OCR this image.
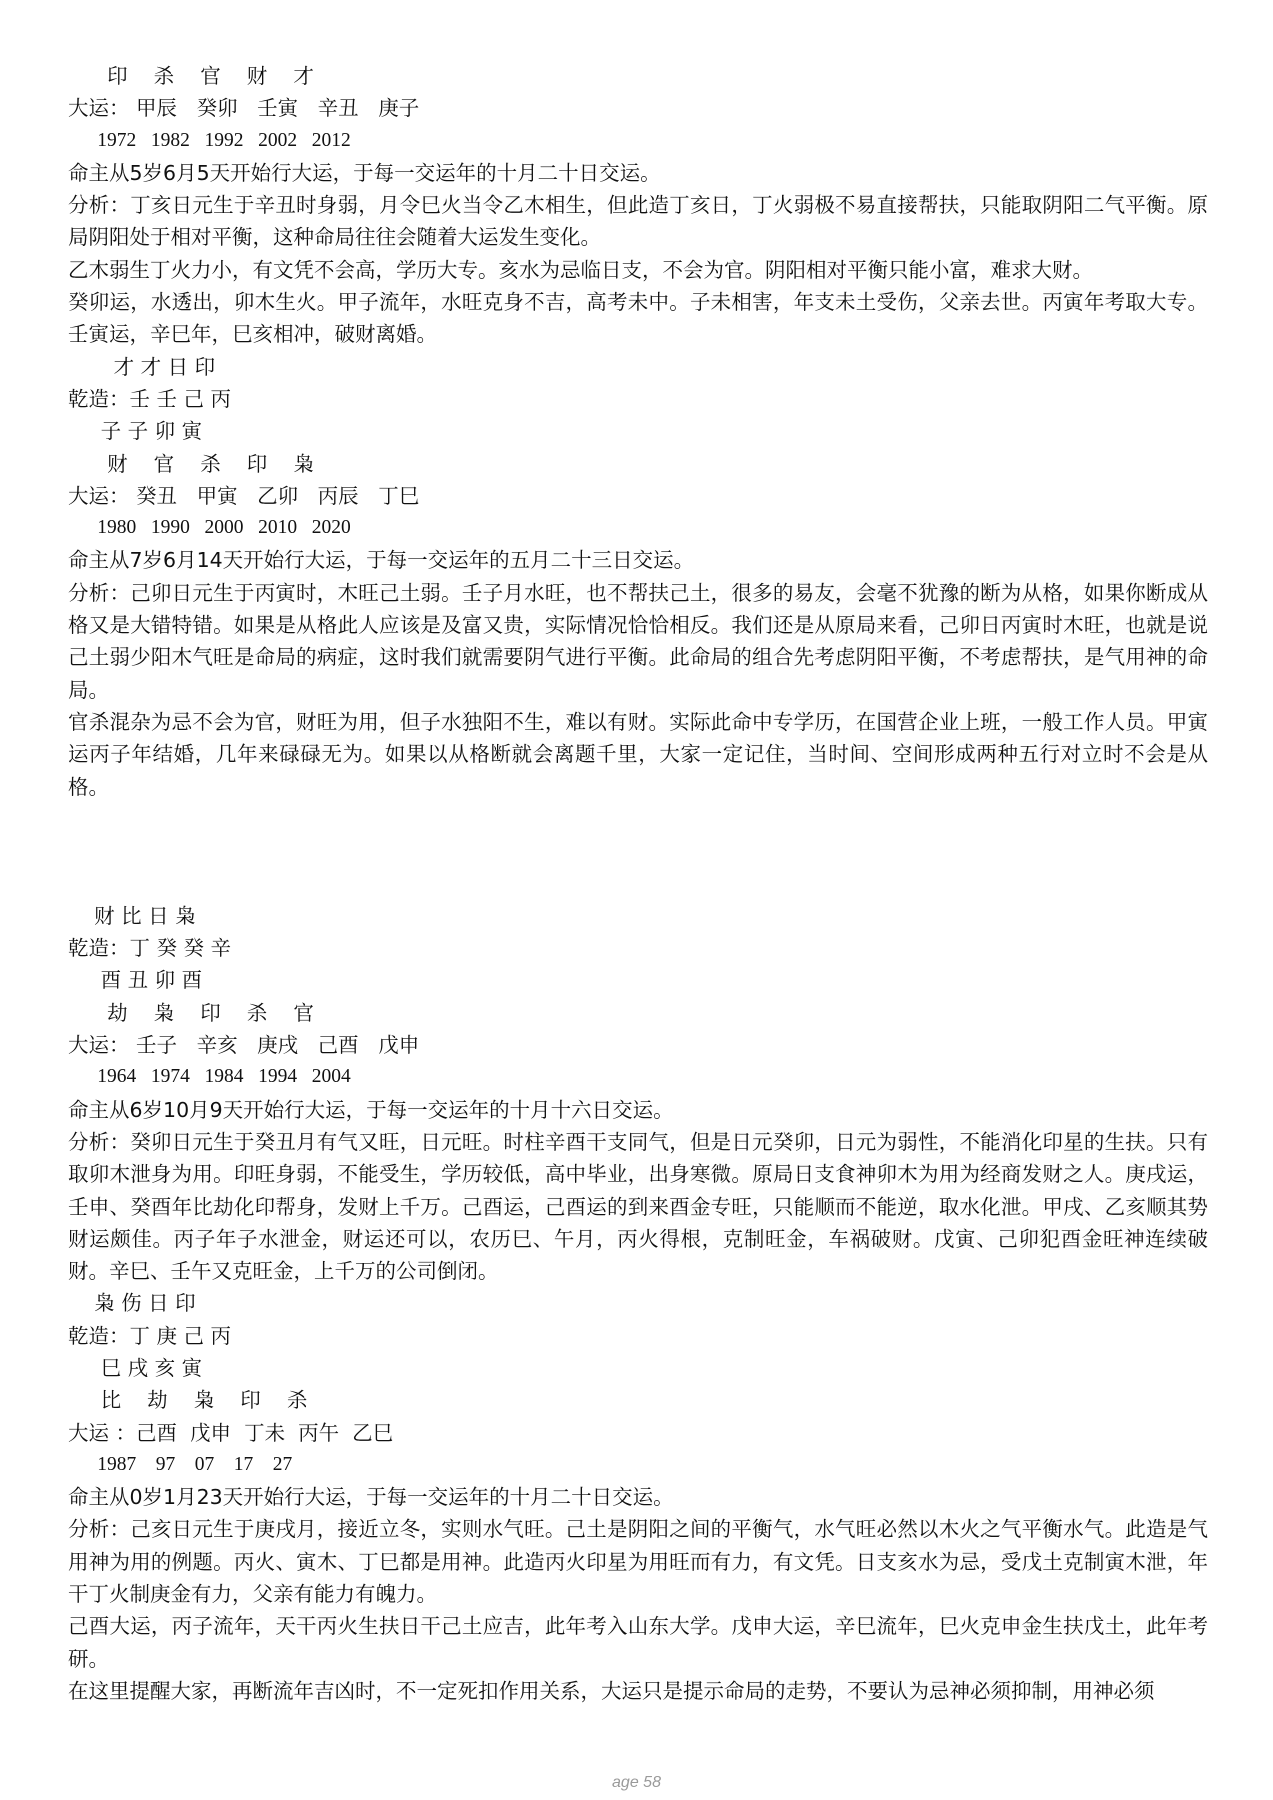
印    杀    官    财    才
大运： 甲辰   癸卯   壬寅   辛丑   庚子
1972   1982   1992   2002   2012
命主从5岁6月5天开始行大运，于每一交运年的十月二十日交运。
分析：丁亥日元生于辛丑时身弱，月令巳火当令乙木相生，但此造丁亥日，丁火弱极不易直接帮扶，只能取阴阳二气平衡。原局阴阳处于相对平衡，这种命局往往会随着大运发生变化。
乙木弱生丁火力小，有文凭不会高，学历大专。亥水为忌临日支，不会为官。阴阳相对平衡只能小富，难求大财。
癸卯运，水透出，卯木生火。甲子流年，水旺克身不吉，高考未中。子未相害，年支未土受伤，父亲去世。丙寅年考取大专。壬寅运，辛巳年，巳亥相冲，破财离婚。
才 才 日 印
乾造：壬 壬 己 丙
子 子 卯 寅
财    官    杀    印    枭
大运： 癸丑   甲寅   乙卯   丙辰   丁巳
1980   1990   2000   2010   2020
命主从7岁6月14天开始行大运，于每一交运年的五月二十三日交运。
分析：己卯日元生于丙寅时，木旺己土弱。壬子月水旺，也不帮扶己土，很多的易友，会毫不犹豫的断为从格，如果你断成从格又是大错特错。如果是从格此人应该是及富又贵，实际情况恰恰相反。我们还是从原局来看，己卯日丙寅时木旺，也就是说己土弱少阳木气旺是命局的病症，这时我们就需要阴气进行平衡。此命局的组合先考虑阴阳平衡，不考虑帮扶，是气用神的命局。
官杀混杂为忌不会为官，财旺为用，但子水独阳不生，难以有财。实际此命中专学历，在国营企业上班，一般工作人员。甲寅运丙子年结婚，几年来碌碌无为。如果以从格断就会离题千里，大家一定记住，当时间、空间形成两种五行对立时不会是从格。
财 比 日 枭
乾造：丁 癸 癸 辛
酉 丑 卯 酉
劫    枭    印    杀    官
大运： 壬子   辛亥   庚戌   己酉   戊申
1964   1974   1984   1994   2004
命主从6岁10月9天开始行大运，于每一交运年的十月十六日交运。
分析：癸卯日元生于癸丑月有气又旺，日元旺。时柱辛酉干支同气，但是日元癸卯，日元为弱性，不能消化印星的生扶。只有取卯木泄身为用。印旺身弱，不能受生，学历较低，高中毕业，出身寒微。原局日支食神卯木为用为经商发财之人。庚戌运，壬申、癸酉年比劫化印帮身，发财上千万。己酉运，己酉运的到来酉金专旺，只能顺而不能逆，取水化泄。甲戌、乙亥顺其势财运颇佳。丙子年子水泄金，财运还可以，农历巳、午月，丙火得根，克制旺金，车祸破财。戊寅、己卯犯酉金旺神连续破财。辛巳、壬午又克旺金，上千万的公司倒闭。
枭 伤 日 印
乾造：丁 庚 己 丙
巳 戌 亥 寅
比    劫    枭    印    杀
大运 ：己酉  戊申  丁未  丙午  乙巳
1987    97    07    17    27
命主从0岁1月23天开始行大运，于每一交运年的十月二十日交运。
分析：己亥日元生于庚戌月，接近立冬，实则水气旺。己土是阴阳之间的平衡气，水气旺必然以木火之气平衡水气。此造是气用神为用的例题。丙火、寅木、丁巳都是用神。此造丙火印星为用旺而有力，有文凭。日支亥水为忌，受戊土克制寅木泄，年干丁火制庚金有力，父亲有能力有魄力。
己酉大运，丙子流年，天干丙火生扶日干己土应吉，此年考入山东大学。戊申大运，辛巳流年，巳火克申金生扶戊土，此年考研。
在这里提醒大家，再断流年吉凶时，不一定死扣作用关系，大运只是提示命局的走势，不要认为忌神必须抑制，用神必须
age 58
